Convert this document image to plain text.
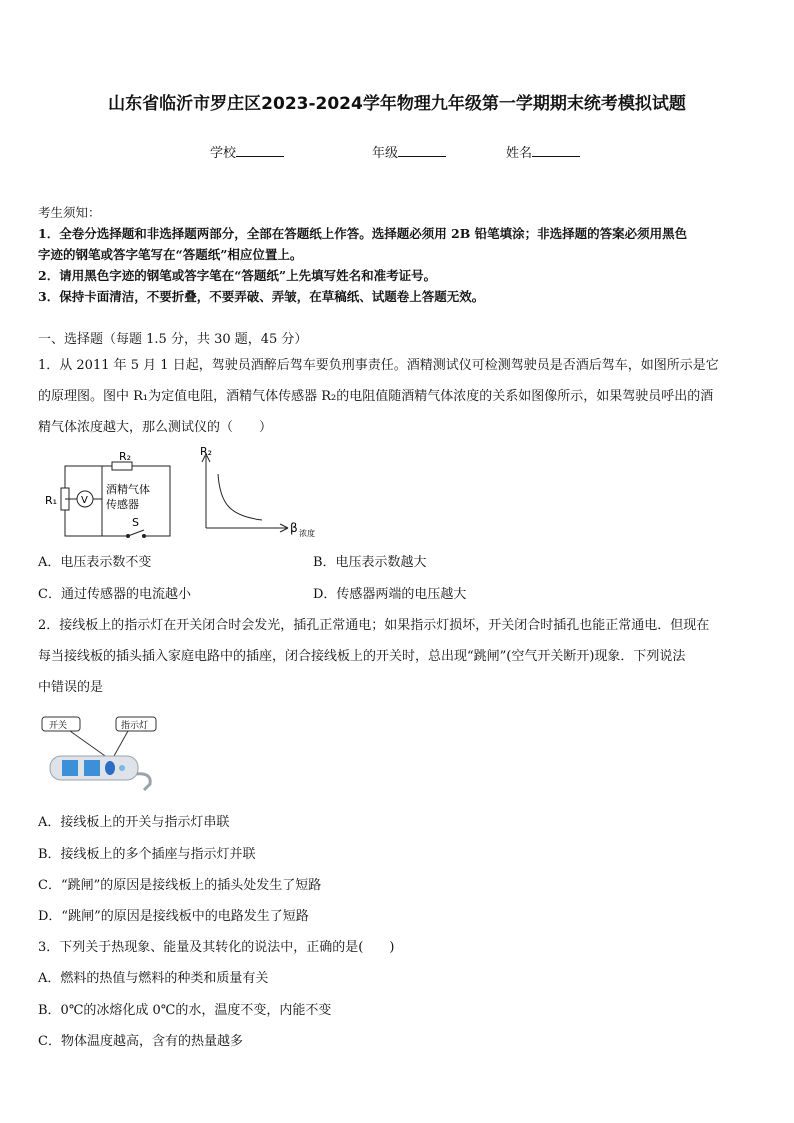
山东省临沂市罗庄区2023-2024学年物理九年级第一学期期末统考模拟试题
学校	年级	姓名
考生须知：
1．全卷分选择题和非选择题两部分，全部在答题纸上作答。选择题必须用 2B 铅笔填涂；非选择题的答案必须用黑色
字迹的钢笔或答字笔写在“答题纸”相应位置上。
2．请用黑色字迹的钢笔或答字笔在“答题纸”上先填写姓名和准考证号。
3．保持卡面清洁，不要折叠，不要弄破、弄皱，在草稿纸、试题卷上答题无效。
一、选择题（每题 1.5 分，共 30 题，45 分）
1．从 2011 年 5 月 1 日起，驾驶员酒醉后驾车要负刑事责任。酒精测试仪可检测驾驶员是否酒后驾车，如图所示是它
的原理图。图中 R₁为定值电阻，酒精气体传感器 R₂的电阻值随酒精气体浓度的关系如图像所示，如果驾驶员呼出的酒
精气体浓度越大，那么测试仪的（　　）
R₂
R₁ V
酒精气体
传感器
S
R₂
β 浓度
A．电压表示数不变	B．电压表示数越大
C．通过传感器的电流越小	D．传感器两端的电压越大
2．接线板上的指示灯在开关闭合时会发光，插孔正常通电；如果指示灯损坏，开关闭合时插孔也能正常通电．但现在
每当接线板的插头插入家庭电路中的插座，闭合接线板上的开关时，总出现“跳闸”(空气开关断开)现象．下列说法
中错误的是
开关	指示灯
A．接线板上的开关与指示灯串联
B．接线板上的多个插座与指示灯并联
C．“跳闸”的原因是接线板上的插头处发生了短路
D．“跳闸”的原因是接线板中的电路发生了短路
3．下列关于热现象、能量及其转化的说法中，正确的是(　　)
A．燃料的热值与燃料的种类和质量有关
B．0℃的冰熔化成 0℃的水，温度不变，内能不变
C．物体温度越高，含有的热量越多
